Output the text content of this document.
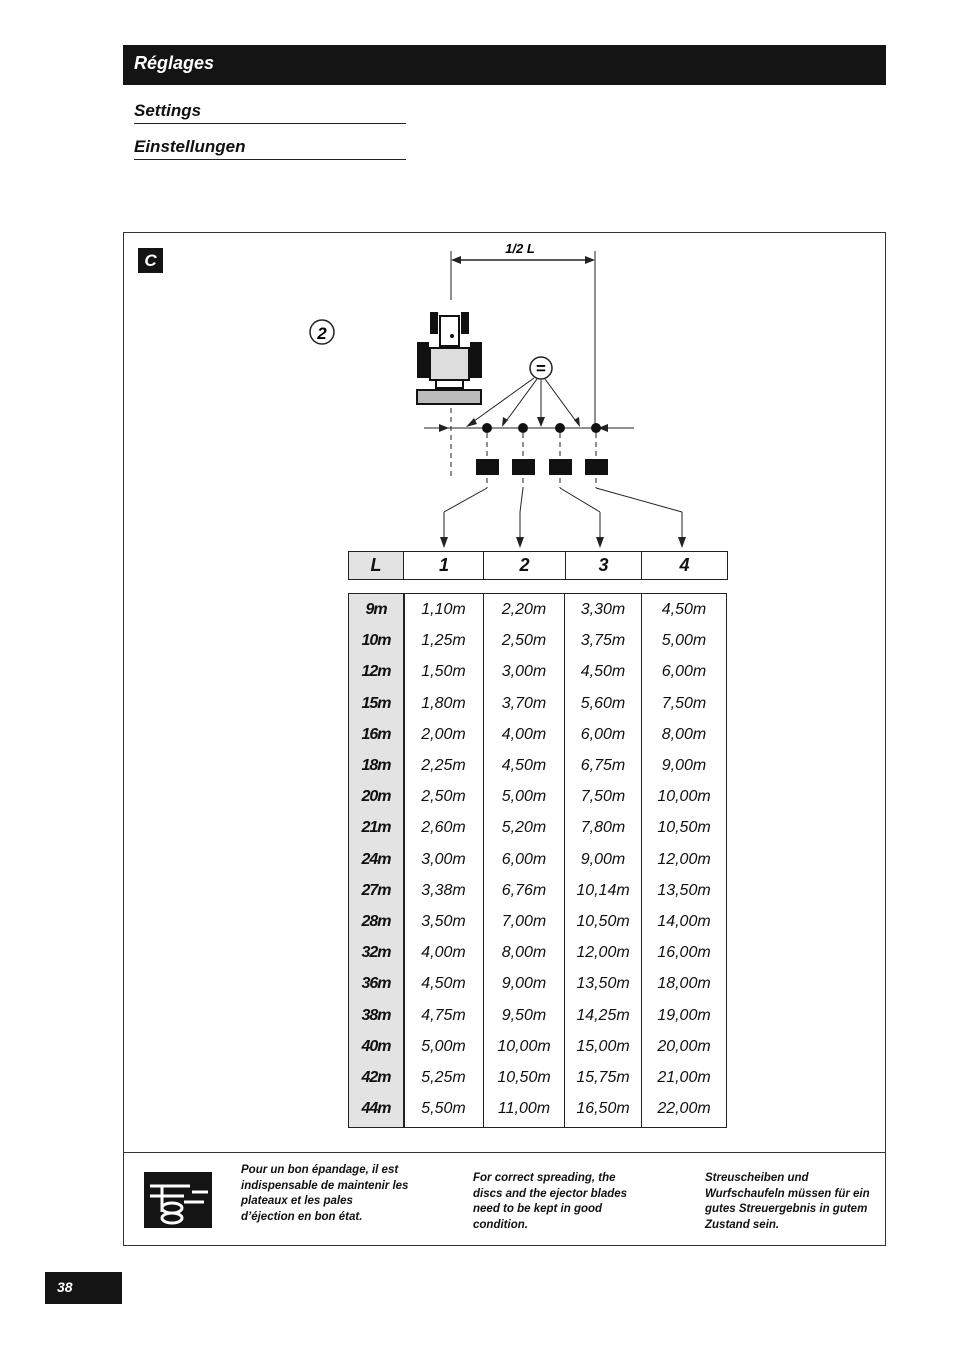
Réglages
Settings
Einstellungen
C
1/2 L
2
=
L	1	2	3	4
9m	1,10m	2,20m	3,30m	4,50m
10m	1,25m	2,50m	3,75m	5,00m
12m	1,50m	3,00m	4,50m	6,00m
15m	1,80m	3,70m	5,60m	7,50m
16m	2,00m	4,00m	6,00m	8,00m
18m	2,25m	4,50m	6,75m	9,00m
20m	2,50m	5,00m	7,50m	10,00m
21m	2,60m	5,20m	7,80m	10,50m
24m	3,00m	6,00m	9,00m	12,00m
27m	3,38m	6,76m	10,14m	13,50m
28m	3,50m	7,00m	10,50m	14,00m
32m	4,00m	8,00m	12,00m	16,00m
36m	4,50m	9,00m	13,50m	18,00m
38m	4,75m	9,50m	14,25m	19,00m
40m	5,00m	10,00m	15,00m	20,00m
42m	5,25m	10,50m	15,75m	21,00m
44m	5,50m	11,00m	16,50m	22,00m
Pour un bon épandage, il est indispensable de maintenir les plateaux et les pales d’éjection en bon état.
For correct spreading, the discs and the ejector blades need to be kept in good condition.
Streuscheiben und Wurfschaufeln müssen für ein gutes Streuergebnis in gutem Zustand sein.
38
